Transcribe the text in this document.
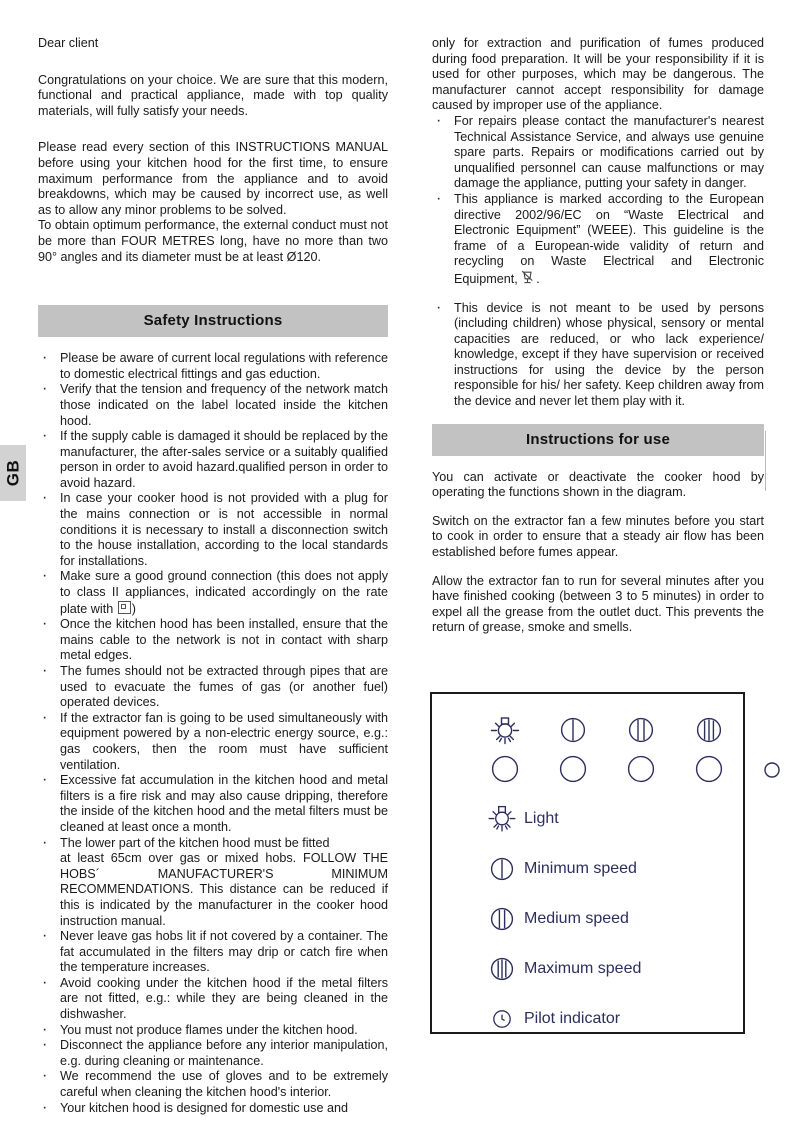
GB

Dear client

Congratulations on your choice. We are sure that this modern, functional and practical appliance, made with top quality materials, will fully satisfy your needs.

Please read every section of this INSTRUCTIONS MANUAL before using your kitchen hood for the first time, to ensure maximum performance from the appliance and to avoid breakdowns, which may be caused by incorrect use, as well as to allow any minor problems to be solved.

To obtain optimum performance, the external conduct must not be more than FOUR METRES long, have no more than two 90° angles and its diameter must be at least Ø120.

Safety Instructions
· Please be aware of current local regulations with reference to domestic electrical fittings and gas eduction.
· Verify that the tension and frequency of the network match those indicated on the label located inside the kitchen hood.
· If the supply cable is damaged it should be replaced by the manufacturer, the after-sales service or a suitably qualified person in order to avoid hazard.qualified person in order to avoid hazard.
· In case your cooker hood is not provided with a plug for the mains connection or is not accessible in normal conditions it is necessary to install a disconnection switch to the house installation, according to the local standards for installations.
· Make sure a good ground connection (this does not apply to class II appliances, indicated accordingly on the rate plate with )
· Once the kitchen hood has been installed, ensure that the mains cable to the network is not in contact with sharp metal edges.
· The fumes should not be extracted through pipes that are used to evacuate the fumes of gas (or another fuel) operated devices.
· If the extractor fan is going to be used simultaneously with equipment powered by a non-electric energy source, e.g.: gas cookers, then the room must have sufficient ventilation.
· Excessive fat accumulation in the kitchen hood and metal filters is a fire risk and may also cause dripping, therefore the inside of the kitchen hood and the metal filters must be cleaned at least once a month.
· The lower part of the kitchen hood must be fitted
at least 65cm over gas or mixed hobs. FOLLOW THE HOBS´ MANUFACTURER'S MINIMUM RECOMMENDATIONS. This distance can be reduced if this is indicated by the manufacturer in the cooker hood instruction manual.
· Never leave gas hobs lit if not covered by a container. The fat accumulated in the filters may drip or catch fire when the temperature increases.
· Avoid cooking under the kitchen hood if the metal filters are not fitted, e.g.: while they are being cleaned in the dishwasher.
· You must not produce flames under the kitchen hood.
· Disconnect the appliance before any interior manipulation, e.g. during cleaning or maintenance.
· We recommend the use of gloves and to be extremely careful when cleaning the kitchen hood's interior.
· Your kitchen hood is designed for domestic use and

only for extraction and purification of fumes produced during food preparation. It will be your responsibility if it is used for other purposes, which may be dangerous. The manufacturer cannot accept responsibility for damage caused by improper use of the appliance.

· For repairs please contact the manufacturer's nearest Technical Assistance Service, and always use genuine spare parts. Repairs or modifications carried out by unqualified personnel can cause malfunctions or may damage the appliance, putting your safety in danger.
· This appliance is marked according to the European directive 2002/96/EC on “Waste Electrical and Electronic Equipment” (WEEE). This guideline is the frame of a European-wide validity of return and recycling on Waste Electrical and Electronic Equipment,
.
· This device is not meant to be used by persons (including children) whose physical, sensory or mental capacities are reduced, or who lack experience/ knowledge, except if they have supervision or received instructions for using the device by the person responsible for his/ her safety. Keep children away from the device and never let them play with it.
Instructions for use

You can activate or deactivate the cooker hood by operating the functions shown in the diagram.

Switch on the extractor fan a few minutes before you start to cook in order to ensure that a steady air flow has been established before fumes appear.

Allow the extractor fan to run for several minutes after you have finished cooking (between 3 to 5 minutes) in order to expel all the grease from the outlet duct. This prevents the return of grease, smoke and smells.

Light
Minimum speed
Medium speed
Maximum speed
Pilot indicator
